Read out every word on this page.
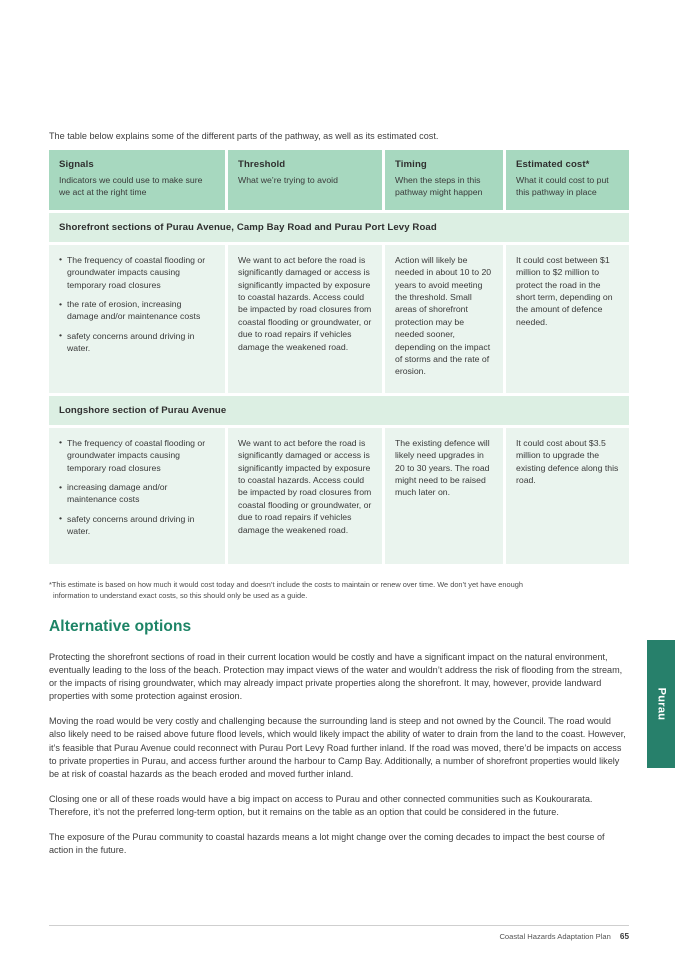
The table below explains some of the different parts of the pathway, as well as its estimated cost.
Signals
Indicators we could use to make sure we act at the right time
Threshold
What we’re trying to avoid
Timing
When the steps in this pathway might happen
Estimated cost*
What it could cost to put this pathway in place
Shorefront sections of Purau Avenue, Camp Bay Road and Purau Port Levy Road
• The frequency of coastal flooding or groundwater impacts causing temporary road closures
• the rate of erosion, increasing damage and/or maintenance costs
• safety concerns around driving in water.

We want to act before the road is significantly damaged or access is significantly impacted by exposure to coastal hazards. Access could be impacted by road closures from coastal flooding or groundwater, or due to road repairs if vehicles damage the weakened road.

Action will likely be needed in about 10 to 20 years to avoid meeting the threshold. Small areas of shorefront protection may be needed sooner, depending on the impact of storms and the rate of erosion.

It could cost between $1 million to $2 million to protect the road in the short term, depending on the amount of defence needed.

Longshore section of Purau Avenue
• The frequency of coastal flooding or groundwater impacts causing temporary road closures
• increasing damage and/or maintenance costs
• safety concerns around driving in water.

We want to act before the road is significantly damaged or access is significantly impacted by exposure to coastal hazards. Access could be impacted by road closures from coastal flooding or groundwater, or due to road repairs if vehicles damage the weakened road.

The existing defence will likely need upgrades in 20 to 30 years. The road might need to be raised much later on.

It could cost about $3.5 million to upgrade the existing defence along this road.

*This estimate is based on how much it would cost today and doesn’t include the costs to maintain or renew over time. We don’t yet have enough
information to understand exact costs, so this should only be used as a guide.
Alternative options

Protecting the shorefront sections of road in their current location would be costly and have a significant impact on the natural environment, eventually leading to the loss of the beach. Protection may impact views of the water and wouldn’t address the risk of flooding from the stream, or the impacts of rising groundwater, which may already impact private properties along the shorefront. It may, however, provide landward properties with some protection against erosion.

Moving the road would be very costly and challenging because the surrounding land is steep and not owned by the Council. The road would also likely need to be raised above future flood levels, which would likely impact the ability of water to drain from the land to the coast. However, it’s feasible that Purau Avenue could reconnect with Purau Port Levy Road further inland. If the road was moved, there’d be impacts on access to private properties in Purau, and access further around the harbour to Camp Bay. Additionally, a number of shorefront properties would likely be at risk of coastal hazards as the beach eroded and moved further inland.

Closing one or all of these roads would have a big impact on access to Purau and other connected communities such as Koukourarata. Therefore, it’s not the preferred long-term option, but it remains on the table as an option that could be considered in the future.

The exposure of the Purau community to coastal hazards means a lot might change over the coming decades to impact the best course of action in the future.

Purau
Coastal Hazards Adaptation Plan 65
